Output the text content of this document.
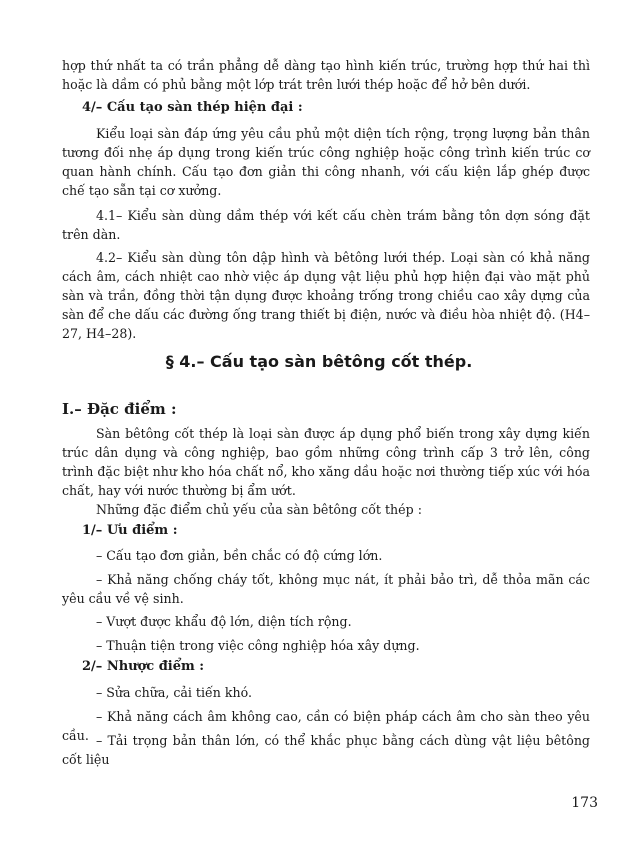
hợp thứ nhất ta có trần phẳng dễ dàng tạo hình kiến trúc, trường hợp thứ hai thì hoặc là dầm có phủ bằng một lớp trát trên lưới thép hoặc để hở bên dưới.

4/– Cấu tạo sàn thép hiện đại :

Kiểu loại sàn đáp ứng yêu cầu phủ một diện tích rộng, trọng lượng bản thân tương đối nhẹ áp dụng trong kiến trúc công nghiệp hoặc công trình kiến trúc cơ quan hành chính. Cấu tạo đơn giản thi công nhanh, với cấu kiện lắp ghép được chế tạo sẵn tại cơ xưởng.

4.1– Kiểu sàn dùng dầm thép với kết cấu chèn trám bằng tôn dợn sóng đặt trên dàn.

4.2– Kiểu sàn dùng tôn dập hình và bêtông lưới thép. Loại sàn có khả năng cách âm, cách nhiệt cao nhờ việc áp dụng vật liệu phủ hợp hiện đại vào mặt phủ sàn và trần, đồng thời tận dụng được khoảng trống trong chiều cao xây dựng của sàn để che dấu các đường ống trang thiết bị điện, nước và điều hòa nhiệt độ. (H4–27, H4–28).

§ 4.– Cấu tạo sàn bêtông cốt thép.
I.– Đặc điểm :

Sàn bêtông cốt thép là loại sàn được áp dụng phổ biến trong xây dựng kiến trúc dân dụng và công nghiệp, bao gồm những công trình cấp 3 trở lên, công trình đặc biệt như kho hóa chất nổ, kho xăng dầu hoặc nơi thường tiếp xúc với hóa chất, hay với nước thường bị ẩm ướt.

Những đặc điểm chủ yếu của sàn bêtông cốt thép :

1/– Ưu điểm :

– Cấu tạo đơn giản, bền chắc có độ cứng lớn.

– Khả năng chống cháy tốt, không mục nát, ít phải bảo trì, dễ thỏa mãn các yêu cầu về vệ sinh.

– Vượt được khẩu độ lớn, diện tích rộng.

– Thuận tiện trong việc công nghiệp hóa xây dựng.

2/– Nhược điểm :

– Sửa chữa, cải tiến khó.

– Khả năng cách âm không cao, cần có biện pháp cách âm cho sàn theo yêu cầu. – Tải trọng bản thân lớn, có thể khắc phục bằng cách dùng vật liệu bêtông cốt liệu

173
